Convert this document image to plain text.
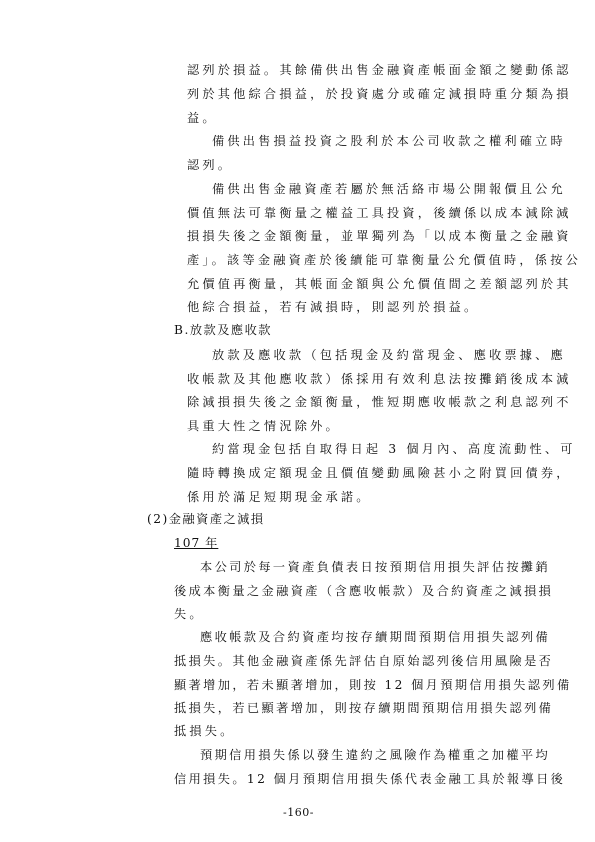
認列於損益。其餘備供出售金融資產帳面金額之變動係認
列於其他綜合損益，於投資處分或確定減損時重分類為損
益。
備供出售損益投資之股利於本公司收款之權利確立時
認列。
備供出售金融資產若屬於無活絡市場公開報價且公允
價值無法可靠衡量之權益工具投資，後續係以成本減除減
損損失後之金額衡量，並單獨列為「以成本衡量之金融資
產」。該等金融資產於後續能可靠衡量公允價值時，係按公
允價值再衡量，其帳面金額與公允價值間之差額認列於其
他綜合損益，若有減損時，則認列於損益。
B.放款及應收款
放款及應收款（包括現金及約當現金、應收票據、應
收帳款及其他應收款）係採用有效利息法按攤銷後成本減
除減損損失後之金額衡量，惟短期應收帳款之利息認列不
具重大性之情況除外。
約當現金包括自取得日起 3 個月內、高度流動性、可
隨時轉換成定額現金且價值變動風險甚小之附買回債券，
係用於滿足短期現金承諾。
(2)金融資產之減損
107 年
本公司於每一資產負債表日按預期信用損失評估按攤銷
後成本衡量之金融資產（含應收帳款）及合約資產之減損損
失。
應收帳款及合約資產均按存續期間預期信用損失認列備
抵損失。其他金融資產係先評估自原始認列後信用風險是否
顯著增加，若未顯著增加，則按 12 個月預期信用損失認列備
抵損失，若已顯著增加，則按存續期間預期信用損失認列備
抵損失。
預期信用損失係以發生違約之風險作為權重之加權平均
信用損失。12 個月預期信用損失係代表金融工具於報導日後
-160-
